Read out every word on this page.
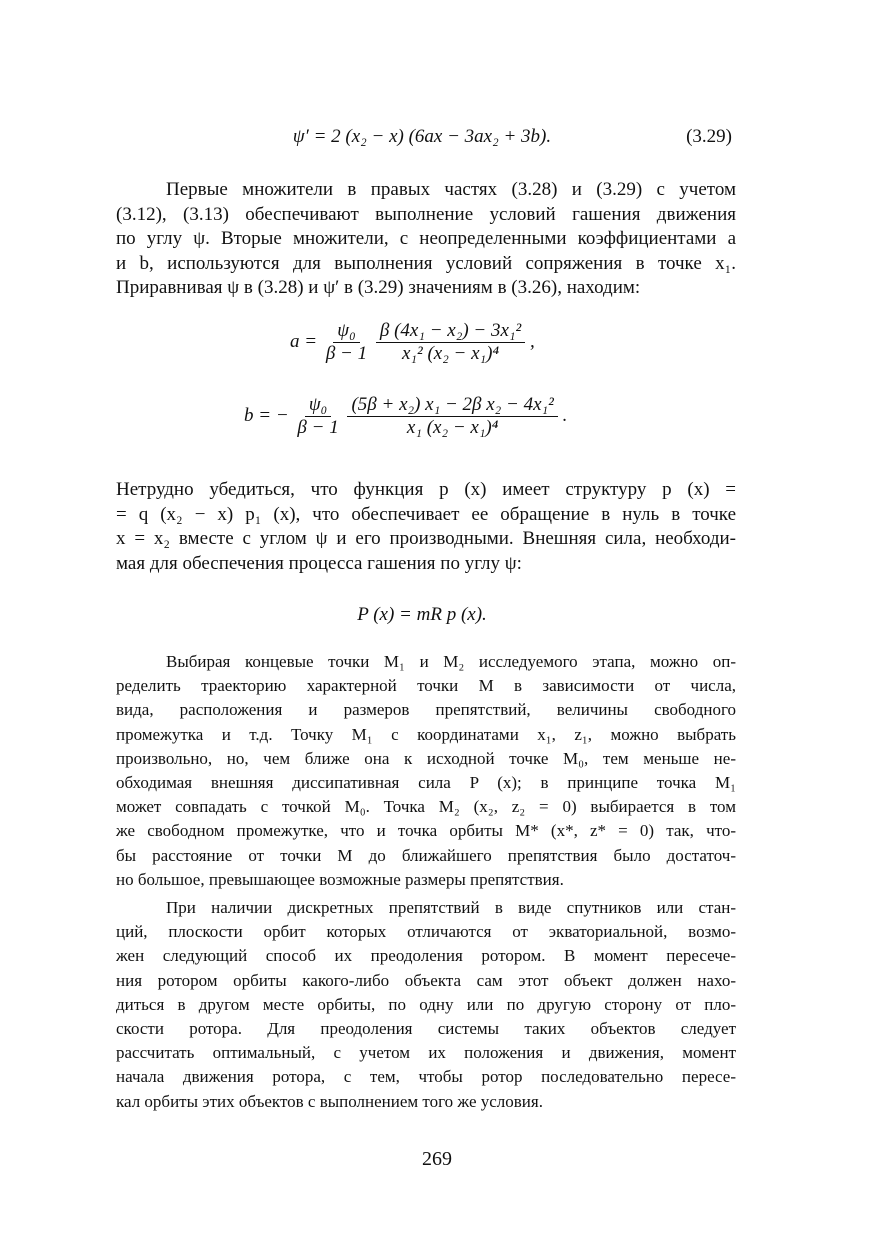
ψ′ = 2 (x₂ − x) (6ax − 3ax₂ + 3b).	(3.29)
Первые множители в правых частях (3.28) и (3.29) с учетом
(3.12), (3.13) обеспечивают выполнение условий гашения движения
по углу ψ. Вторые множители, с неопределенными коэффициентами a
и b, используются для выполнения условий сопряжения в точке x₁.
Приравнивая ψ в (3.28) и ψ′ в (3.29) значениям в (3.26), находим:
$a = \frac{\text{ψ₀}}{\beta - 1}$
$\frac{\text{β (4x₁ − x₂) − 3x₁²}}{\text{x₁² (x₂ − x₁)⁴}}$ ,
b = − $\frac{\text{ψ₀}}{\beta - 1}$
$\frac{\text{(5β + x₂) x₁ − 2β x₂ − 4x₁²}}{\text{x₁ (x₂ − x₁)⁴}}$ .
Нетрудно убедиться, что функция p (x) имеет структуру p (x) =
= q (x₂ − x) p₁ (x), что обеспечивает ее обращение в нуль в точке
x = x₂ вместе с углом ψ и его производными. Внешняя сила, необходи-
мая для обеспечения процесса гашения по углу ψ:
P (x) = mR p (x).
Выбирая концевые точки M₁ и M₂ исследуемого этапа, можно оп-
ределить траекторию характерной точки M в зависимости от числа,
вида, расположения и размеров препятствий, величины свободного
промежутка и т.д. Точку M₁ с координатами x₁, z₁, можно выбрать
произвольно, но, чем ближе она к исходной точке M₀, тем меньше не-
обходимая внешняя диссипативная сила P (x); в принципе точка M₁
может совпадать с точкой M₀. Точка M₂ (x₂, z₂ = 0) выбирается в том
же свободном промежутке, что и точка орбиты M* (x*, z* = 0) так, что-
бы расстояние от точки M до ближайшего препятствия было достаточ-
но большое, превышающее возможные размеры препятствия.
При наличии дискретных препятствий в виде спутников или стан-
ций, плоскости орбит которых отличаются от экваториальной, возмо-
жен следующий способ их преодоления ротором. В момент пересече-
ния ротором орбиты какого-либо объекта сам этот объект должен нахо-
диться в другом месте орбиты, по одну или по другую сторону от пло-
скости ротора. Для преодоления системы таких объектов следует
рассчитать оптимальный, с учетом их положения и движения, момент
начала движения ротора, с тем, чтобы ротор последовательно пересе-
кал орбиты этих объектов с выполнением того же условия.
269
